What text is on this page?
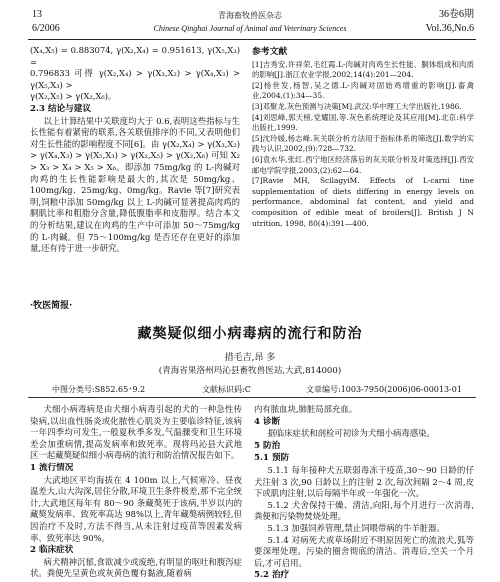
13
6/2006
青海畜牧兽医杂志
Chinese Qinghai Journal of Animal and Veterinary Sciences
36卷6期
Vol.36,No.6

(X₄,X₅) = 0.883074, γ(X₂,X₄) = 0.951613, γ(X₅,X₃) =

0.796833 可得 γ(X₂,X₄) > γ(X₃,X₂) > γ(X₄,X₃) > γ(X₅,X₃) >

γ(X₂,X₅) > γ(X₂,X₆)。

2.3 结论与建议

以上计算结果中关联度均大于 0.6,表明这些指标与生长性能有着紧密的联系,各关联值排序的不同,又表明他们对生长性能的影响程度不同[6]。由 γ(X₂,X₄) > γ(X₃,X₂) > γ(X₄,X₃) > γ(X₅,X₃) > γ(X₂,X₅) > γ(X₂,X₆) 可知 X₂ > X₃ > X₄ > X₅ > X₆。即添加 75mg/kg 的 L-肉碱对肉鸡的生长性能影响是最大的,其次是 50mg/kg、100mg/kg、25mg/kg、0mg/kg。Ravie 等[7]研究表明,饲粮中添加 50mg/kg 以上 L-肉碱可显著提高肉鸡的胴肌比率和粗脂分含量,降低腹脂率和皮脂厚。结合本文的分析结果,建议在肉鸡的生产中可添加 50～75mg/kg 的 L-肉碱。但 75～100mg/kg 是否还存在更好的添加量,还有待于进一步研究。

参考文献

[1]吉秀安,许祥荣,毛红霞.L-肉碱对肉鸡生长性能、胴体组成和肉质的影响[J].浙江农业学报,2002,14(4):201—204.

[2]杨世发,杨智,吴之德.L-肉碱对固始鸡增重的影响[J].畜禽业,2004,(1):34—35.

[3]邓聚龙.灰色预测与决策[M].武汉:华中理工大学出版社,1986.

[4]刘思峰,郭天榜,党耀国,等.灰色系统理论及其应用[M].北京:科学出版社,1999.

[5]沈玲媛,杨志峰.灰关联分析方法用于指标体系的筛选[J].数学的实践与认识,2002,(9):728—732.

[6]袁水华,张红.西宁地区经济落后的灰关联分析及对策选择[J].西安邮电学院学报,2003,(2):62—64.

[7]Ravie MH, ScilagyiM. Effects of L-carni tine supplementation of diets differing in energy levels on performance, abdominal fat content, and yield and composition of edible meat of broilers[J]. British J N utrition, 1998, 80(4):391—400.

·牧医简报·
藏獒疑似细小病毒病的流行和防治
措毛吉,昂 多
(青海省果洛州玛沁县畜牧兽医站,大武,814000)
中图分类号:S852.65⁺9.2	文献标识码:C	文章编号:1003-7950(2006)06-00013-01

犬细小病毒病是由犬细小病毒引起的犬的一种急性传染病,以出血性肠炎或化脓性心肌炎为主要临诊特征,该病一年四季均可发生,一般夏秋季多发,气温骤变和卫生环境差会加重病情,提高发病率和致死率。现将玛沁县大武地区一起藏獒疑似细小病毒病的流行和防治情况报告如下。

1 流行情况

大武地区平均海拔在 4 100m 以上,气候寒冷、昼夜温差大,山大沟深,居住分散,环境卫生条件极差,那不完全统计,大武地区每年有 80～90 条藏獒死于该病,半岁以内的藏獒发病率、致死率高达 98%以上,青年藏獒病例较轻,但因治疗不及时,方法不得当,从未注射过疫苗等因素发病率、致死率达 90%。

2 临床症状

病犬精神沉郁,食欲减少或废绝,有明显的呕吐和腹泻症状。粪便先呈黄色或灰黄色覆有黏液,随着病

内有脓血块,肺脏局部充血。

4 诊断

据临床症状和剖检可初诊为犬细小病毒感染。

5 防治
5.1 预防

5.1.1 每年接种犬五联弱毒冻干疫苗,30～90 日龄的仔犬注射 3 次,90 日龄以上的注射 2 次,每次间隔 2～4 周,皮下或肌肉注射,以后每隔半年或一年强化一次。

5.1.2 犬舍保持干燥、清洁,向阳,每个月进行一次消毒,粪便和污染物焚烧处理。

5.1.3 加强饲养管理,禁止饲喂带病的牛羊脏器。

5.1.4 对病死犬或草场附近不明原因死亡的流浪犬,狐等要深埋处理。污染的圈舍彻底的清洁、消毒后,空关一个月后,才可启用。

5.2 治疗
